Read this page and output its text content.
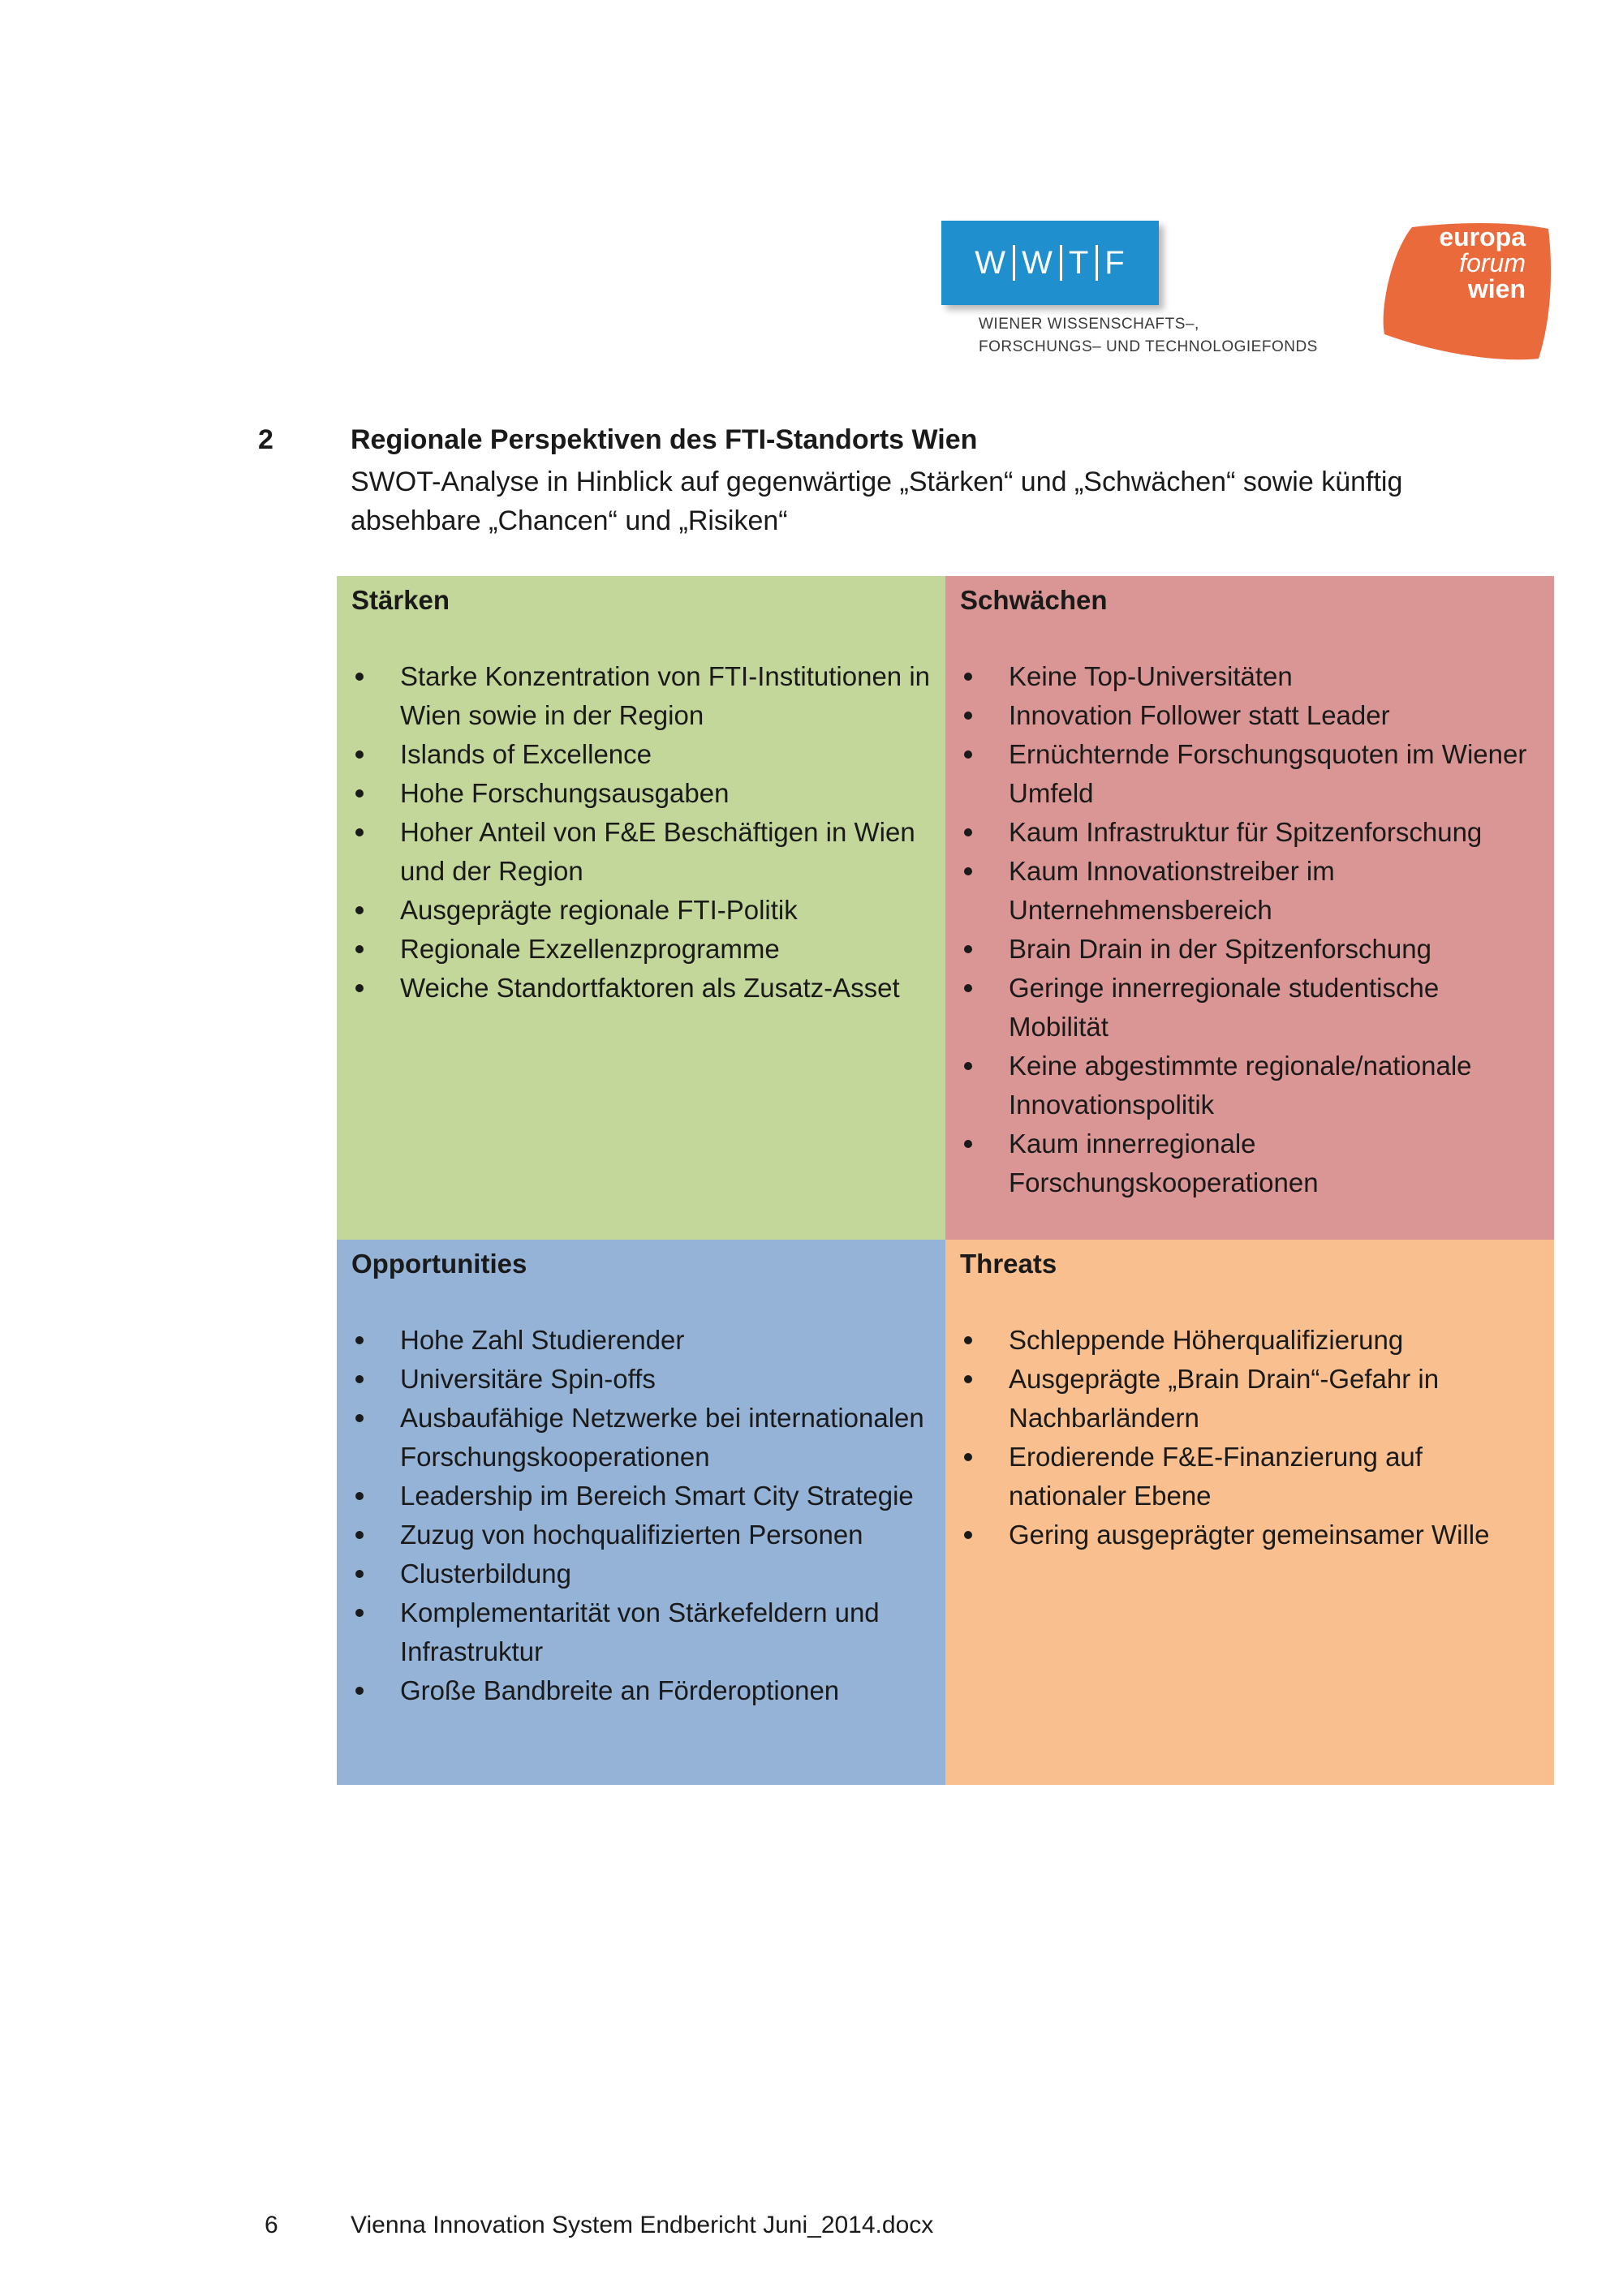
W W T F
WIENER WISSENSCHAFTS–,
FORSCHUNGS– UND TECHNOLOGIEFONDS
europa
forum
wien
2	Regionale Perspektiven des FTI-Standorts Wien
SWOT-Analyse in Hinblick auf gegenwärtige „Stärken“ und „Schwächen“ sowie künftig absehbare „Chancen“ und „Risiken“
Stärken
Starke Konzentration von FTI-Institutionen in Wien sowie in der Region
Islands of Excellence
Hohe Forschungsausgaben
Hoher Anteil von F&E Beschäftigen in Wien und der Region
Ausgeprägte regionale FTI-Politik
Regionale Exzellenzprogramme
Weiche Standortfaktoren als Zusatz-Asset
Schwächen
Keine Top-Universitäten
Innovation Follower statt Leader
Ernüchternde Forschungsquoten im Wiener Umfeld
Kaum Infrastruktur für Spitzenforschung
Kaum Innovationstreiber im Unternehmensbereich
Brain Drain in der Spitzenforschung
Geringe innerregionale studentische Mobilität
Keine abgestimmte regionale/nationale Innovationspolitik
Kaum innerregionale Forschungskooperationen
Opportunities
Hohe Zahl Studierender
Universitäre Spin-offs
Ausbaufähige Netzwerke bei internationalen Forschungskooperationen
Leadership im Bereich Smart City Strategie
Zuzug von hochqualifizierten Personen
Clusterbildung
Komplementarität von Stärkefeldern und Infrastruktur
Große Bandbreite an Förderoptionen
Threats
Schleppende Höherqualifizierung
Ausgeprägte „Brain Drain“-Gefahr in Nachbarländern
Erodierende F&E-Finanzierung auf nationaler Ebene
Gering ausgeprägter gemeinsamer Wille
6	Vienna Innovation System Endbericht Juni_2014.docx
